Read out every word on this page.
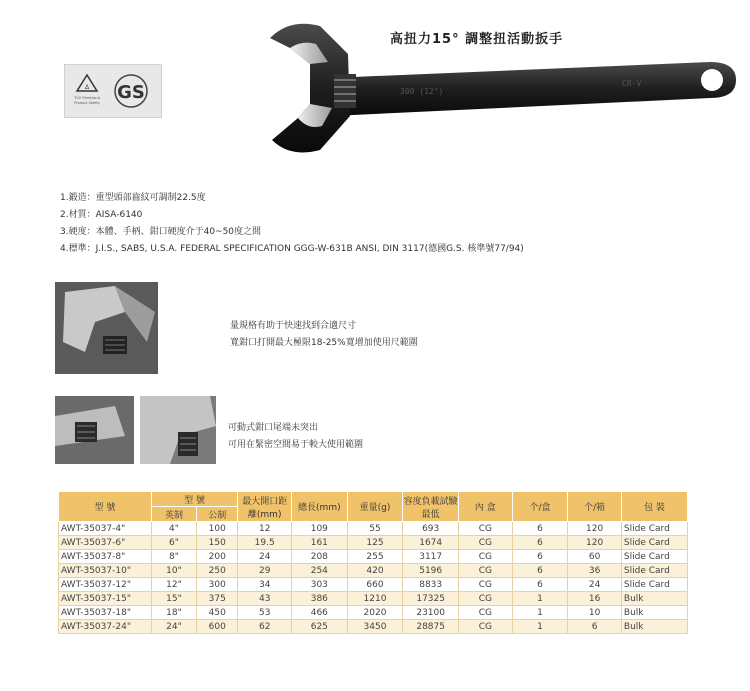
高扭力15° 調整扭活動扳手
300 (12")
CR-V
Δ
TÜV Rheinland
Product Safety GS
1.鍛造：重型頭部齒紋可調制22.5度
2.材質：AISA-6140
3.硬度：本體、手柄、鉗口硬度介于40~50度之間
4.標準：J.I.S., SABS, U.S.A. FEDERAL SPECIFICATION GGG-W-631B ANSI, DIN 3117(德國G.S. 核準號77/94)
量規格有助于快速找到合適尺寸
寬鉗口打開最大極限18-25%寬增加使用尺範圍
可動式鉗口尾端未突出
可用在緊密空間易于較大使用範圍
型 號	型 號		最大開口距離(mm)	總長(mm)	重量(g)	容度負載試驗最低	內 盒	个/盒	个/箱	包 裝
	英制	公制								
AWT-35037-4"	4"	100	12	109	55	693	CG	6	120	Slide Card
AWT-35037-6"	6"	150	19.5	161	125	1674	CG	6	120	Slide Card
AWT-35037-8"	8"	200	24	208	255	3117	CG	6	60	Slide Card
AWT-35037-10"	10"	250	29	254	420	5196	CG	6	36	Slide Card
AWT-35037-12"	12"	300	34	303	660	8833	CG	6	24	Slide Card
AWT-35037-15"	15"	375	43	386	1210	17325	CG	1	16	Bulk
AWT-35037-18"	18"	450	53	466	2020	23100	CG	1	10	Bulk
AWT-35037-24"	24"	600	62	625	3450	28875	CG	1	6	Bulk
